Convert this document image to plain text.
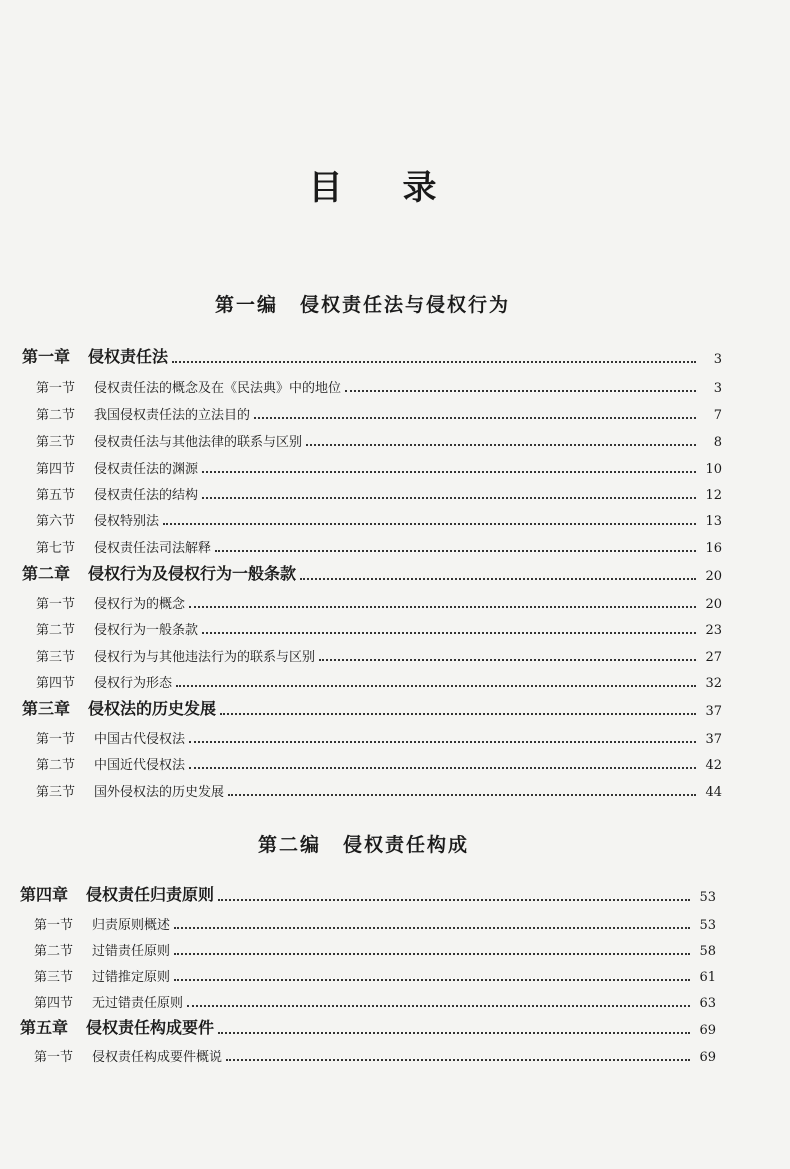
目录
第一编 侵权责任法与侵权行为
第一章	侵权责任法	3
第一节	侵权责任法的概念及在《民法典》中的地位	3
第二节	我国侵权责任法的立法目的	7
第三节	侵权责任法与其他法律的联系与区别	8
第四节	侵权责任法的渊源	10
第五节	侵权责任法的结构	12
第六节	侵权特别法	13
第七节	侵权责任法司法解释	16
第二章	侵权行为及侵权行为一般条款	20
第一节	侵权行为的概念	20
第二节	侵权行为一般条款	23
第三节	侵权行为与其他违法行为的联系与区别	27
第四节	侵权行为形态	32
第三章	侵权法的历史发展	37
第一节	中国古代侵权法	37
第二节	中国近代侵权法	42
第三节	国外侵权法的历史发展	44
第二编 侵权责任构成
第四章	侵权责任归责原则	53
第一节	归责原则概述	53
第二节	过错责任原则	58
第三节	过错推定原则	61
第四节	无过错责任原则	63
第五章	侵权责任构成要件	69
第一节	侵权责任构成要件概说	69
